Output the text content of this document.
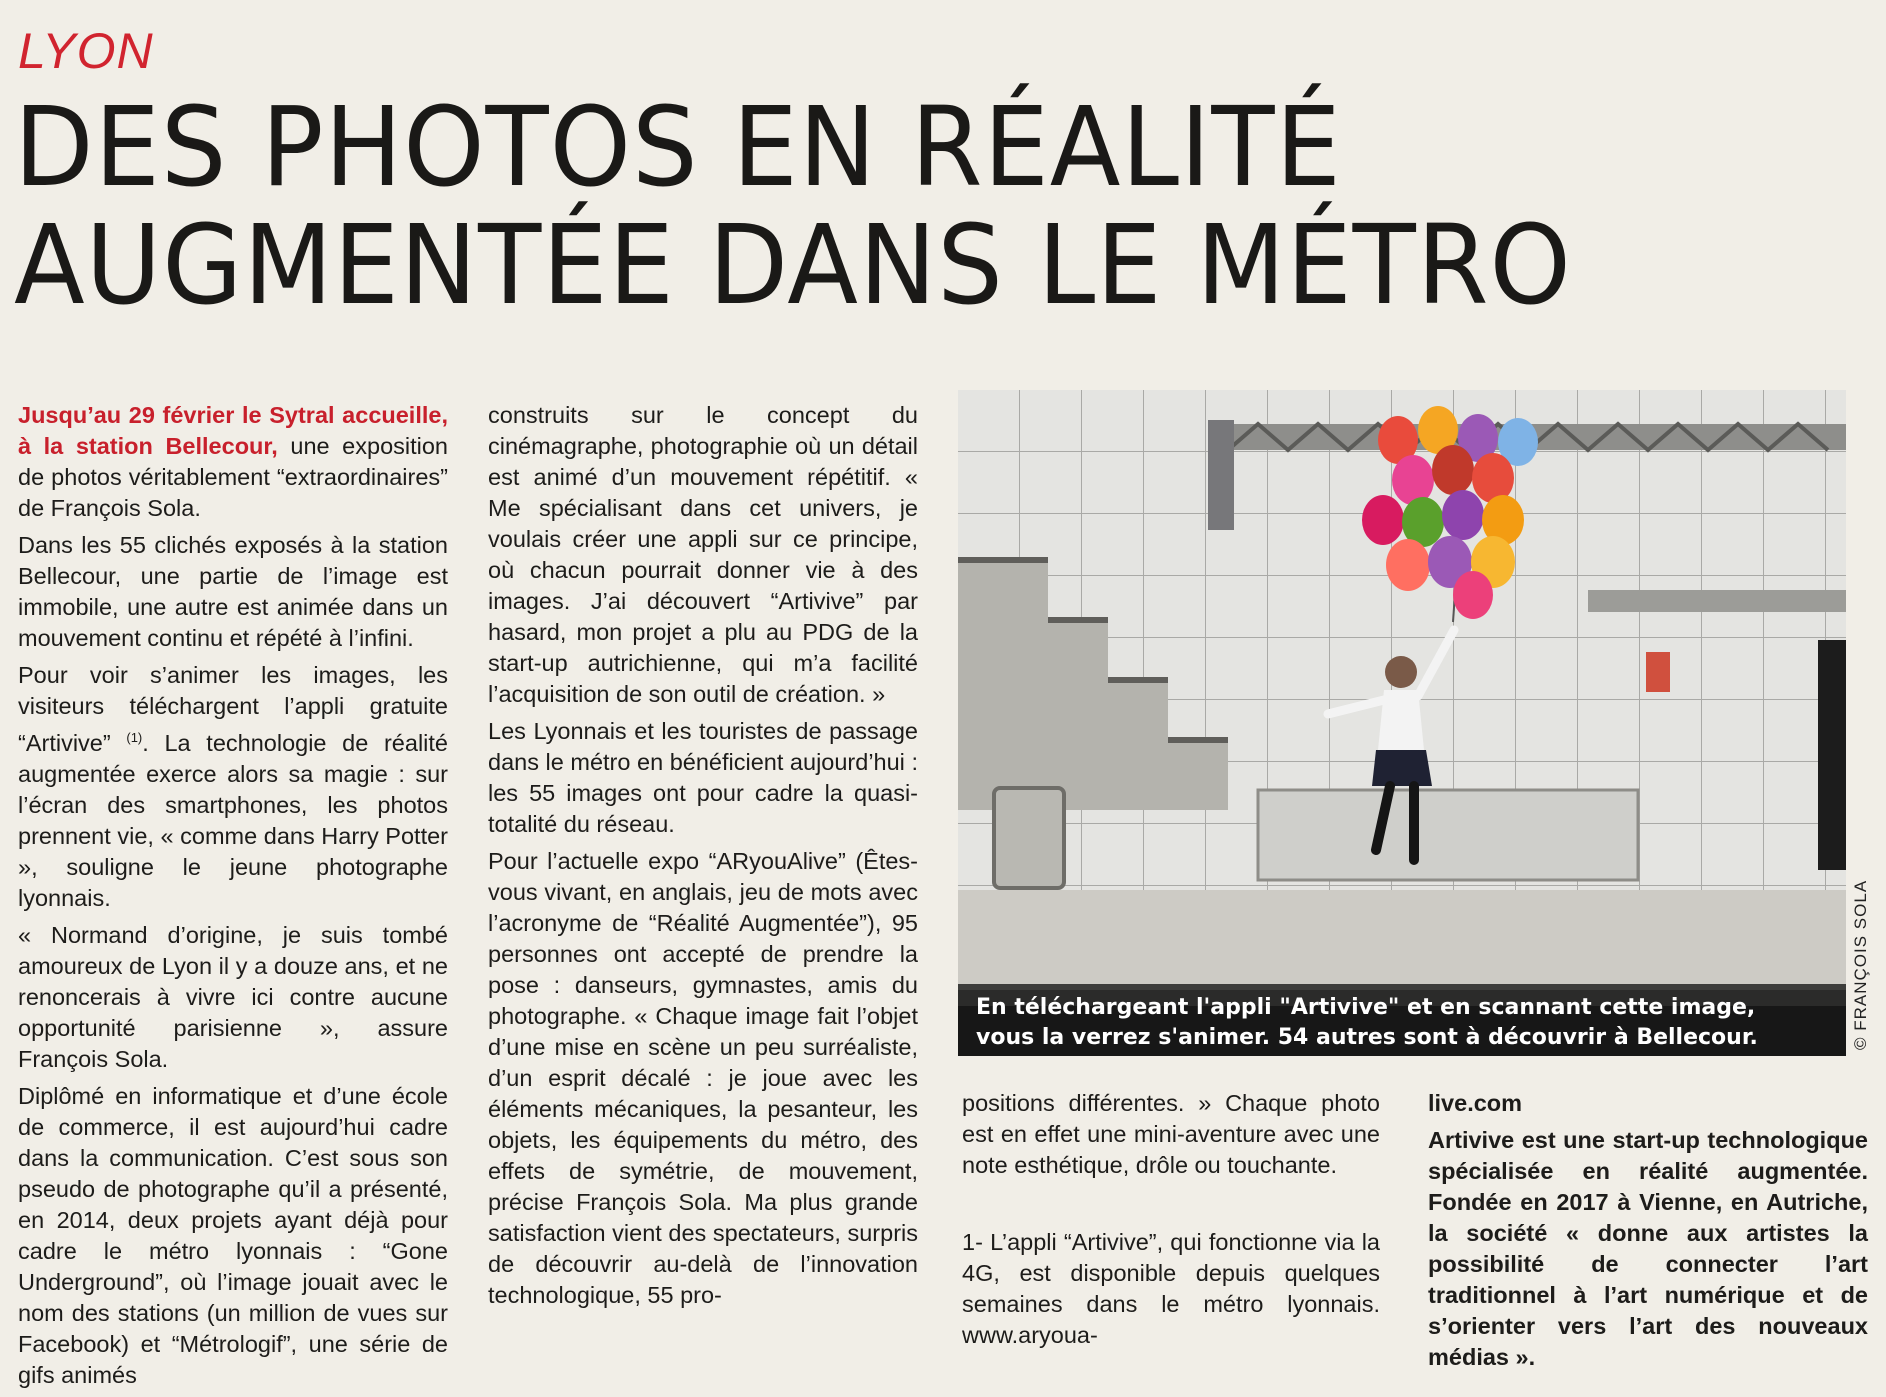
LYON
DES PHOTOS EN RÉALITÉ
AUGMENTÉE DANS LE MÉTRO

Jusqu’au 29 février le Sytral accueille, à la station Bellecour, une exposition de photos véritablement “extraordinaires” de François Sola.

Dans les 55 clichés exposés à la station Bellecour, une partie de l’image est immobile, une autre est animée dans un mouvement continu et répété à l’infini.

Pour voir s’animer les images, les visiteurs téléchargent l’appli gratuite “Artivive” $^{(1)}$. La technologie de réalité augmentée exerce alors sa magie : sur l’écran des smartphones, les photos prennent vie, « comme dans Harry Potter », souligne le jeune photographe lyonnais.

« Normand d’origine, je suis tombé amoureux de Lyon il y a douze ans, et ne renoncerais à vivre ici contre aucune opportunité parisienne », assure François Sola.

Diplômé en informatique et d’une école de commerce, il est aujourd’hui cadre dans la communication. C’est sous son pseudo de photographe qu’il a présenté, en 2014, deux projets ayant déjà pour cadre le métro lyonnais : “Gone Underground”, où l’image jouait avec le nom des stations (un million de vues sur Facebook) et “Métrologif”, une série de gifs animés

construits sur le concept du cinémagraphe, photographie où un détail est animé d’un mouvement répétitif. « Me spécialisant dans cet univers, je voulais créer une appli sur ce principe, où chacun pourrait donner vie à des images. J’ai découvert “Artivive” par hasard, mon projet a plu au PDG de la start-up autrichienne, qui m’a facilité l’acquisition de son outil de création. »

Les Lyonnais et les touristes de passage dans le métro en bénéficient aujourd’hui : les 55 images ont pour cadre la quasi-totalité du réseau.

Pour l’actuelle expo “ARyouAlive” (Êtes-vous vivant, en anglais, jeu de mots avec l’acronyme de “Réalité Augmentée”), 95 personnes ont accepté de prendre la pose : danseurs, gymnastes, amis du photographe. « Chaque image fait l’objet d’une mise en scène un peu surréaliste, d’un esprit décalé : je joue avec les éléments mécaniques, la pesanteur, les objets, les équipements du métro, des effets de symétrie, de mouvement, précise François Sola. Ma plus grande satisfaction vient des spectateurs, surpris de découvrir au-delà de l’innovation technologique, 55 pro-

En téléchargeant l'appli "Artivive" et en scannant cette image,
vous la verrez s'animer. 54 autres sont à découvrir à Bellecour.	© FRANÇOIS SOLA

positions différentes. » Chaque photo est en effet une mini-aventure avec une note esthétique, drôle ou touchante.

1- L’appli “Artivive”, qui fonctionne via la 4G, est disponible depuis quelques semaines dans le métro lyonnais. www.aryoua-

live.com

Artivive est une start-up technologique spécialisée en réalité augmentée. Fondée en 2017 à Vienne, en Autriche, la société « donne aux artistes la possibilité de connecter l’art traditionnel à l’art numérique et de s’orienter vers l’art des nouveaux médias ».
